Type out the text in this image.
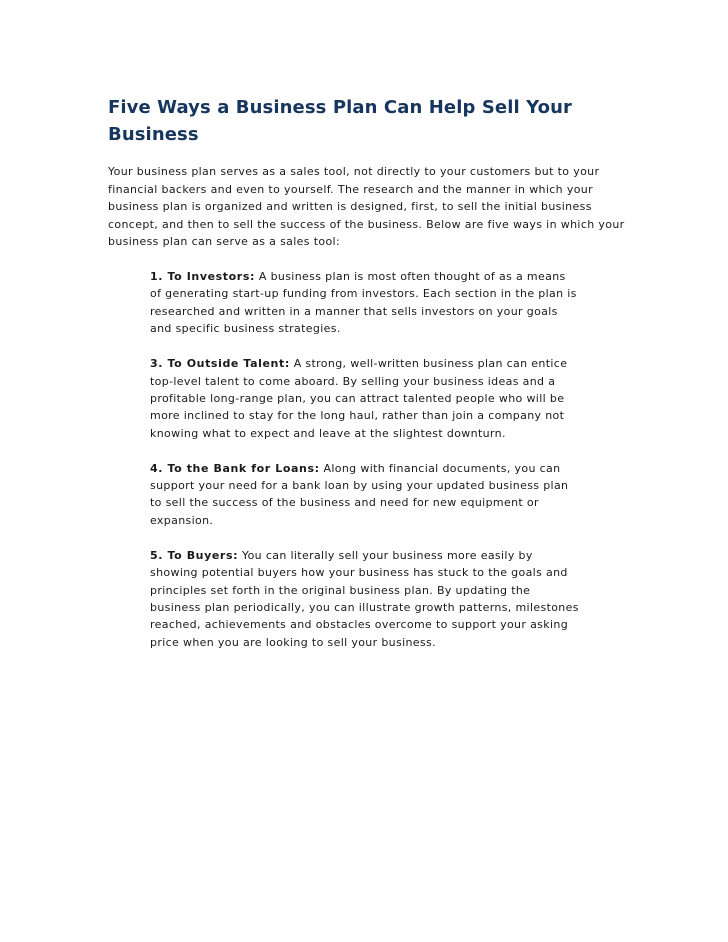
Five Ways a Business Plan Can Help Sell Your Business

Your business plan serves as a sales tool, not directly to your customers but to your financial backers and even to yourself. The research and the manner in which your business plan is organized and written is designed, first, to sell the initial business concept, and then to sell the success of the business. Below are five ways in which your business plan can serve as a sales tool:

1. To Investors: A business plan is most often thought of as a means of generating start-up funding from investors. Each section in the plan is researched and written in a manner that sells investors on your goals and specific business strategies.
3. To Outside Talent: A strong, well-written business plan can entice top-level talent to come aboard. By selling your business ideas and a profitable long-range plan, you can attract talented people who will be more inclined to stay for the long haul, rather than join a company not knowing what to expect and leave at the slightest downturn.
4. To the Bank for Loans: Along with financial documents, you can support your need for a bank loan by using your updated business plan to sell the success of the business and need for new equipment or expansion.
5. To Buyers: You can literally sell your business more easily by showing potential buyers how your business has stuck to the goals and principles set forth in the original business plan. By updating the business plan periodically, you can illustrate growth patterns, milestones reached, achievements and obstacles overcome to support your asking price when you are looking to sell your business.
